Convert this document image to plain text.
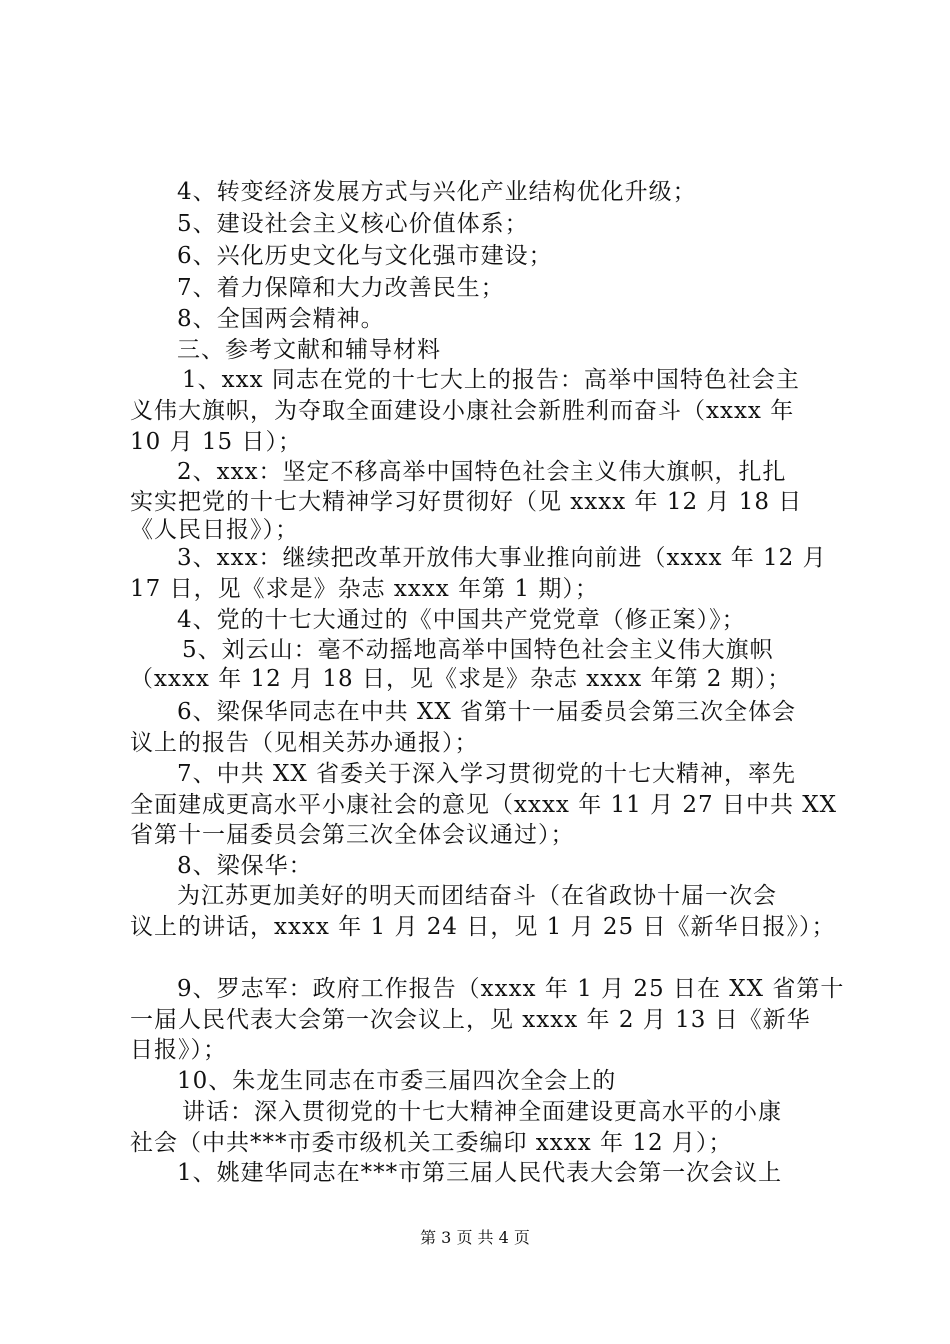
4、转变经济发展方式与兴化产业结构优化升级；
5、建设社会主义核心价值体系；
6、兴化历史文化与文化强市建设；
7、着力保障和大力改善民生；
8、全国两会精神。
三、参考文献和辅导材料
1、xxx 同志在党的十七大上的报告：高举中国特色社会主
义伟大旗帜，为夺取全面建设小康社会新胜利而奋斗（xxxx 年
10 月 15 日）；
2、xxx：坚定不移高举中国特色社会主义伟大旗帜，扎扎
实实把党的十七大精神学习好贯彻好（见 xxxx 年 12 月 18 日
《人民日报》）；
3、xxx：继续把改革开放伟大事业推向前进（xxxx 年 12 月
17 日，见《求是》杂志 xxxx 年第 1 期）；
4、党的十七大通过的《中国共产党党章（修正案）》；
5、刘云山：毫不动摇地高举中国特色社会主义伟大旗帜
（xxxx 年 12 月 18 日，见《求是》杂志 xxxx 年第 2 期）；
6、梁保华同志在中共 XX 省第十一届委员会第三次全体会
议上的报告（见相关苏办通报）；
7、中共 XX 省委关于深入学习贯彻党的十七大精神，率先
全面建成更高水平小康社会的意见（xxxx 年 11 月 27 日中共 XX
省第十一届委员会第三次全体会议通过）；
8、梁保华：
为江苏更加美好的明天而团结奋斗（在省政协十届一次会
议上的讲话，xxxx 年 1 月 24 日，见 1 月 25 日《新华日报》）；
9、罗志军：政府工作报告（xxxx 年 1 月 25 日在 XX 省第十
一届人民代表大会第一次会议上，见 xxxx 年 2 月 13 日《新华
日报》）；
10、朱龙生同志在市委三届四次全会上的
讲话：深入贯彻党的十七大精神全面建设更高水平的小康
社会（中共***市委市级机关工委编印 xxxx 年 12 月）；
1、姚建华同志在***市第三届人民代表大会第一次会议上
第 3 页 共 4 页
